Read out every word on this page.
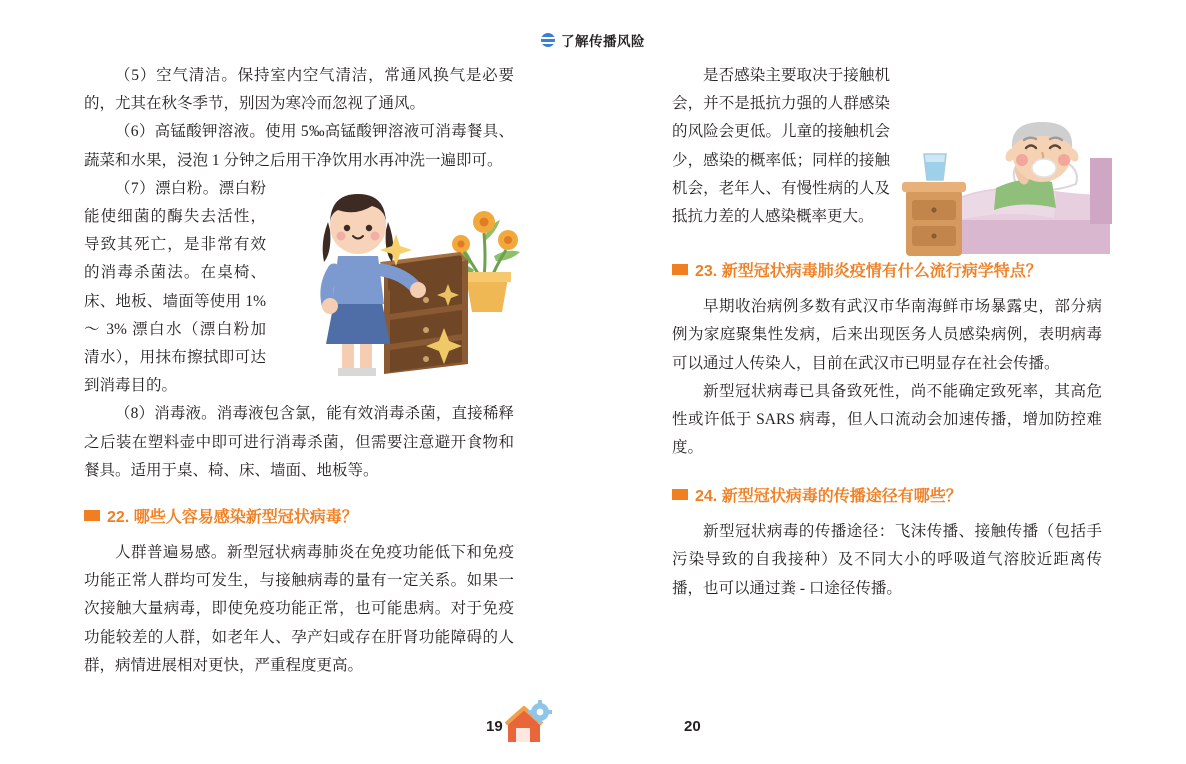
了解传播风险

（5）空气清洁。保持室内空气清洁，常通风换气是必要的，尤其在秋冬季节，别因为寒冷而忽视了通风。

（6）高锰酸钾溶液。使用 5‰高锰酸钾溶液可消毒餐具、蔬菜和水果，浸泡 1 分钟之后用干净饮用水再冲洗一遍即可。

（7）漂白粉。漂白粉能使细菌的酶失去活性，导致其死亡，是非常有效的消毒杀菌法。在桌椅、床、地板、墙面等使用 1% ～ 3% 漂白水（漂白粉加清水），用抹布擦拭即可达到消毒目的。

（8）消毒液。消毒液包含氯，能有效消毒杀菌，直接稀释之后装在塑料壶中即可进行消毒杀菌，但需要注意避开食物和餐具。适用于桌、椅、床、墙面、地板等。

22. 哪些人容易感染新型冠状病毒？

人群普遍易感。新型冠状病毒肺炎在免疫功能低下和免疫功能正常人群均可发生，与接触病毒的量有一定关系。如果一次接触大量病毒，即使免疫功能正常，也可能患病。对于免疫功能较差的人群，如老年人、孕产妇或存在肝肾功能障碍的人群，病情进展相对更快，严重程度更高。

是否感染主要取决于接触机会，并不是抵抗力强的人群感染的风险会更低。儿童的接触机会少，感染的概率低；同样的接触机会，老年人、有慢性病的人及抵抗力差的人感染概率更大。

23. 新型冠状病毒肺炎疫情有什么流行病学特点？

早期收治病例多数有武汉市华南海鲜市场暴露史，部分病例为家庭聚集性发病，后来出现医务人员感染病例，表明病毒可以通过人传染人，目前在武汉市已明显存在社会传播。

新型冠状病毒已具备致死性，尚不能确定致死率，其高危性或许低于 SARS 病毒，但人口流动会加速传播，增加防控难度。

24. 新型冠状病毒的传播途径有哪些？

新型冠状病毒的传播途径：飞沫传播、接触传播（包括手污染导致的自我接种）及不同大小的呼吸道气溶胶近距离传播，也可以通过粪 - 口途径传播。

19	20
